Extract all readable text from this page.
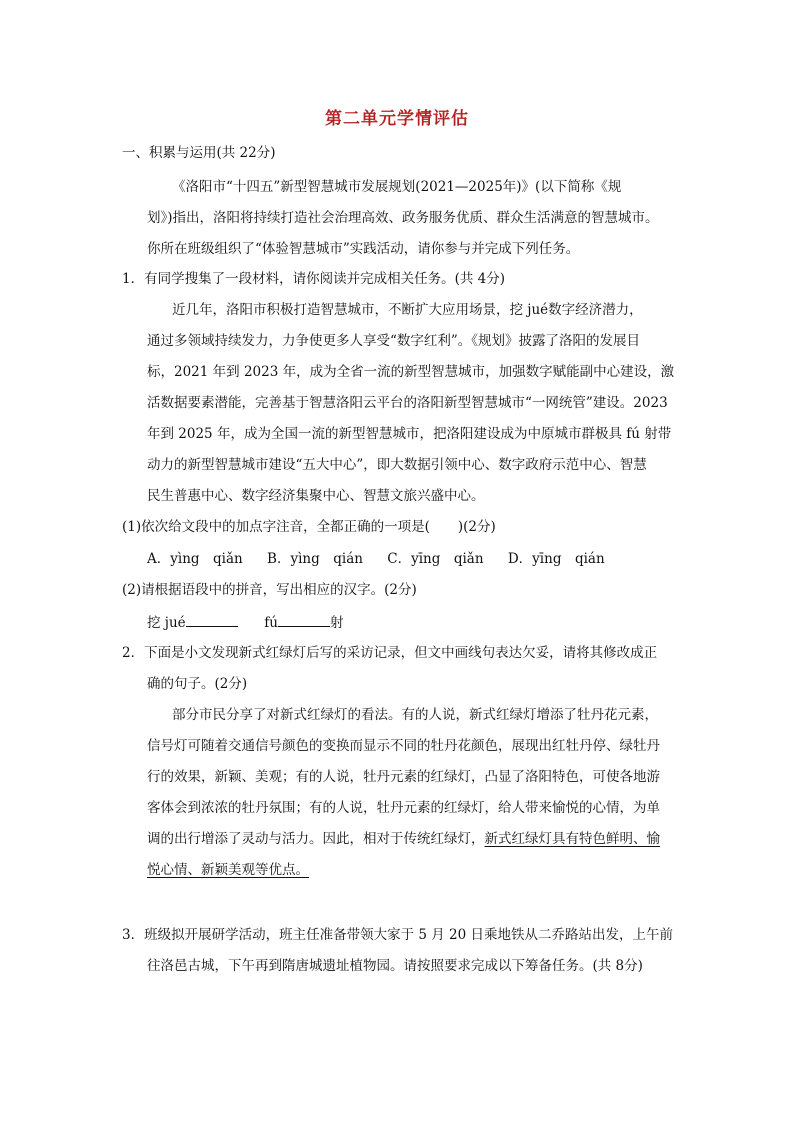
第二单元学情评估
一、积累与运用(共 22分)
《洛阳市“十四五”新型智慧城市发展规划(2021—2025年)》(以下简称《规
划》)指出，洛阳将持续打造社会治理高效、政务服务优质、群众生活满意的智慧城市。
你所在班级组织了“体验智慧城市”实践活动，请你参与并完成下列任务。
1．有同学搜集了一段材料，请你阅读并完成相关任务。(共 4分)
近几年，洛阳市积极打造智慧城市，不断扩大应用场景，挖 jué数字经济潜力，
通过多领域持续发力，力争使更多人享受“数字红利”。《规划》披露了洛阳的发展目
标，2021 年到 2023 年，成为全省一流的新型智慧城市，加强数字赋能副中心建设，激
活数据要素潜能，完善基于智慧洛阳云平台的洛阳新型智慧城市“一网统管”建设。2023
年到 2025 年，成为全国一流的新型智慧城市，把洛阳建设成为中原城市群极具 fú 射带
动力的新型智慧城市建设“五大中心”，即大数据引领中心、数字政府示范中心、智慧
民生普惠中心、数字经济集聚中心、智慧文旅兴盛中心。
(1)依次给文段中的加点字注音，全都正确的一项是( )(2分)
A．yìng　qiǎn B．yìng　qián C．yīng　qiǎn D．yīng　qián
(2)请根据语段中的拼音，写出相应的汉字。(2分)
挖 jué	fú	射
2．下面是小文发现新式红绿灯后写的采访记录，但文中画线句表达欠妥，请将其修改成正
确的句子。(2分)
部分市民分享了对新式红绿灯的看法。有的人说，新式红绿灯增添了牡丹花元素，
信号灯可随着交通信号颜色的变换而显示不同的牡丹花颜色，展现出红牡丹停、绿牡丹
行的效果，新颖、美观；有的人说，牡丹元素的红绿灯，凸显了洛阳特色，可使各地游
客体会到浓浓的牡丹氛围；有的人说，牡丹元素的红绿灯，给人带来愉悦的心情，为单
调的出行增添了灵动与活力。因此，相对于传统红绿灯，新式红绿灯具有特色鲜明、愉
悦心情、新颖美观等优点。
3．班级拟开展研学活动，班主任准备带领大家于 5 月 20 日乘地铁从二乔路站出发，上午前
往洛邑古城，下午再到隋唐城遗址植物园。请按照要求完成以下筹备任务。(共 8分)
